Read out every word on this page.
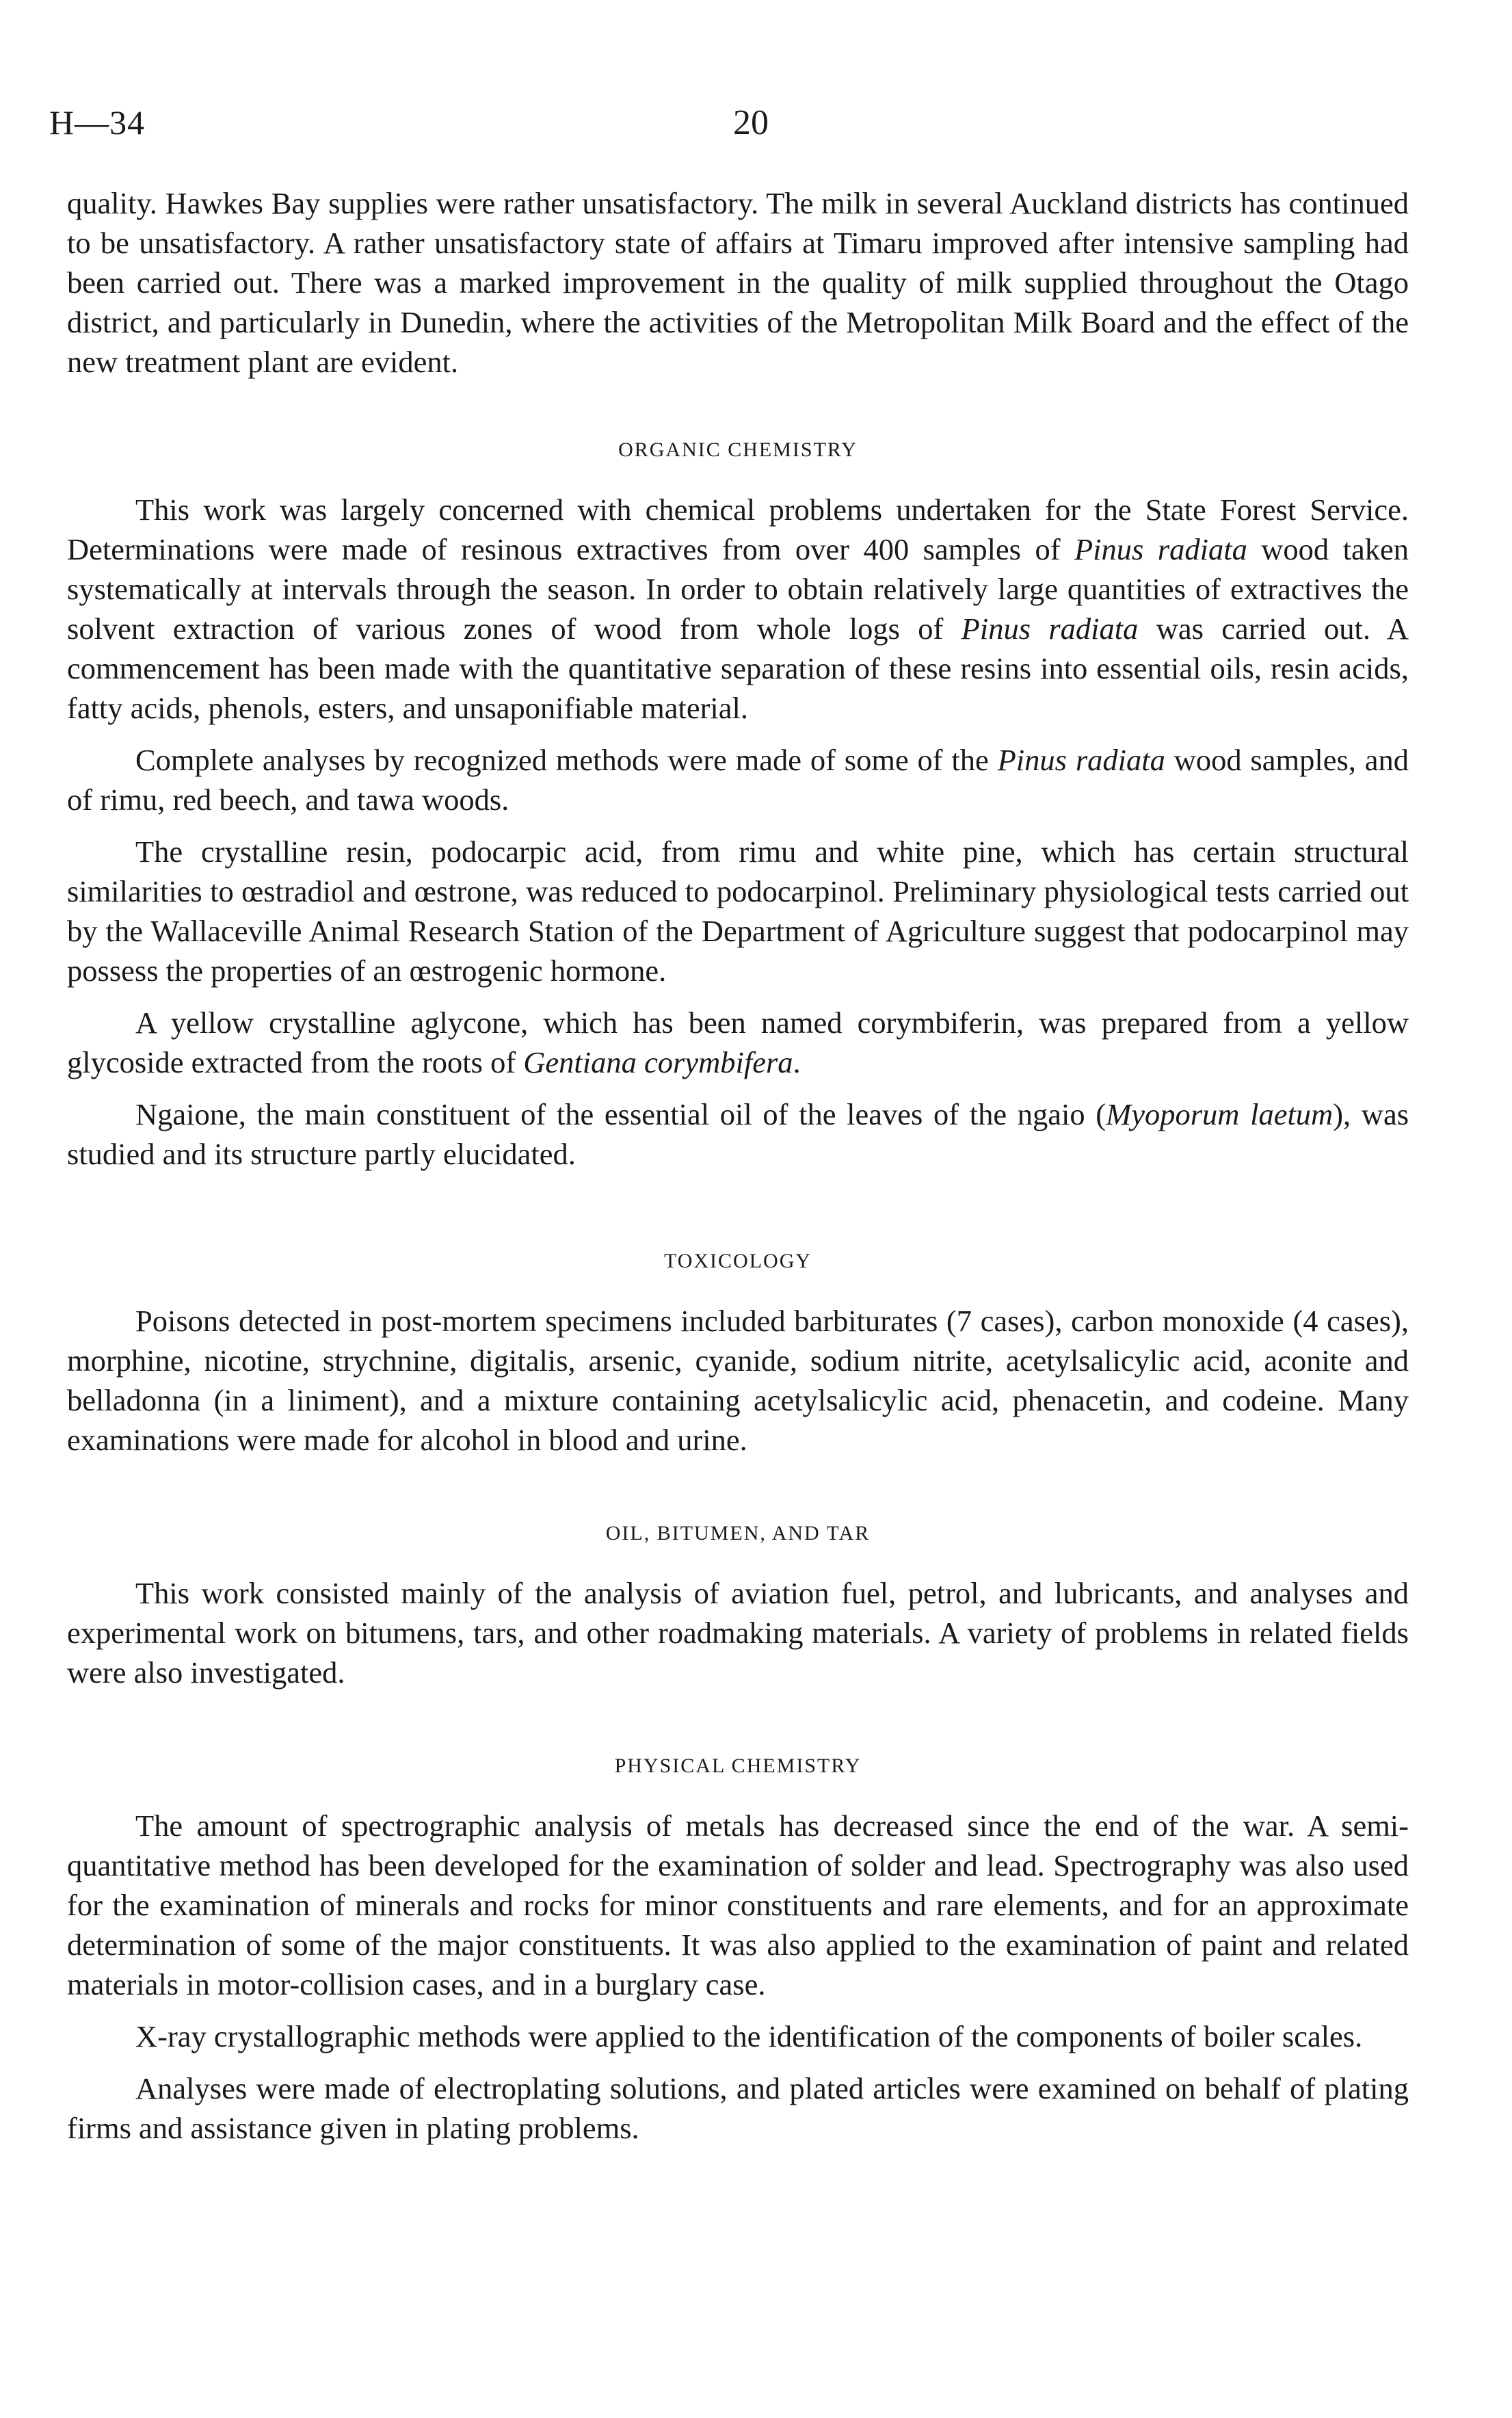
H—34	20

quality. Hawkes Bay supplies were rather unsatisfactory. The milk in several Auckland districts has continued to be unsatisfactory. A rather unsatisfactory state of affairs at Timaru improved after intensive sampling had been carried out. There was a marked improvement in the quality of milk supplied throughout the Otago district, and particularly in Dunedin, where the activities of the Metropolitan Milk Board and the effect of the new treatment plant are evident.

ORGANIC CHEMISTRY

This work was largely concerned with chemical problems undertaken for the State Forest Service. Determinations were made of resinous extractives from over 400 samples of Pinus radiata wood taken systematically at intervals through the season. In order to obtain relatively large quantities of extractives the solvent extraction of various zones of wood from whole logs of Pinus radiata was carried out. A commencement has been made with the quantitative separation of these resins into essential oils, resin acids, fatty acids, phenols, esters, and unsaponifiable material.

Complete analyses by recognized methods were made of some of the Pinus radiata wood samples, and of rimu, red beech, and tawa woods.

The crystalline resin, podocarpic acid, from rimu and white pine, which has certain structural similarities to œstradiol and œstrone, was reduced to podocarpinol. Preliminary physiological tests carried out by the Wallaceville Animal Research Station of the Department of Agriculture suggest that podocarpinol may possess the properties of an œstrogenic hormone.

A yellow crystalline aglycone, which has been named corymbiferin, was prepared from a yellow glycoside extracted from the roots of Gentiana corymbifera.

Ngaione, the main constituent of the essential oil of the leaves of the ngaio (Myoporum laetum), was studied and its structure partly elucidated.

TOXICOLOGY

Poisons detected in post-mortem specimens included barbiturates (7 cases), carbon monoxide (4 cases), morphine, nicotine, strychnine, digitalis, arsenic, cyanide, sodium nitrite, acetylsalicylic acid, aconite and belladonna (in a liniment), and a mixture containing acetylsalicylic acid, phenacetin, and codeine. Many examinations were made for alcohol in blood and urine.

OIL, BITUMEN, AND TAR

This work consisted mainly of the analysis of aviation fuel, petrol, and lubricants, and analyses and experimental work on bitumens, tars, and other roadmaking materials. A variety of problems in related fields were also investigated.

PHYSICAL CHEMISTRY

The amount of spectrographic analysis of metals has decreased since the end of the war. A semi-quantitative method has been developed for the examination of solder and lead. Spectrography was also used for the examination of minerals and rocks for minor constituents and rare elements, and for an approximate determination of some of the major constituents. It was also applied to the examination of paint and related materials in motor-collision cases, and in a burglary case.

X-ray crystallographic methods were applied to the identification of the components of boiler scales.

Analyses were made of electroplating solutions, and plated articles were examined on behalf of plating firms and assistance given in plating problems.
